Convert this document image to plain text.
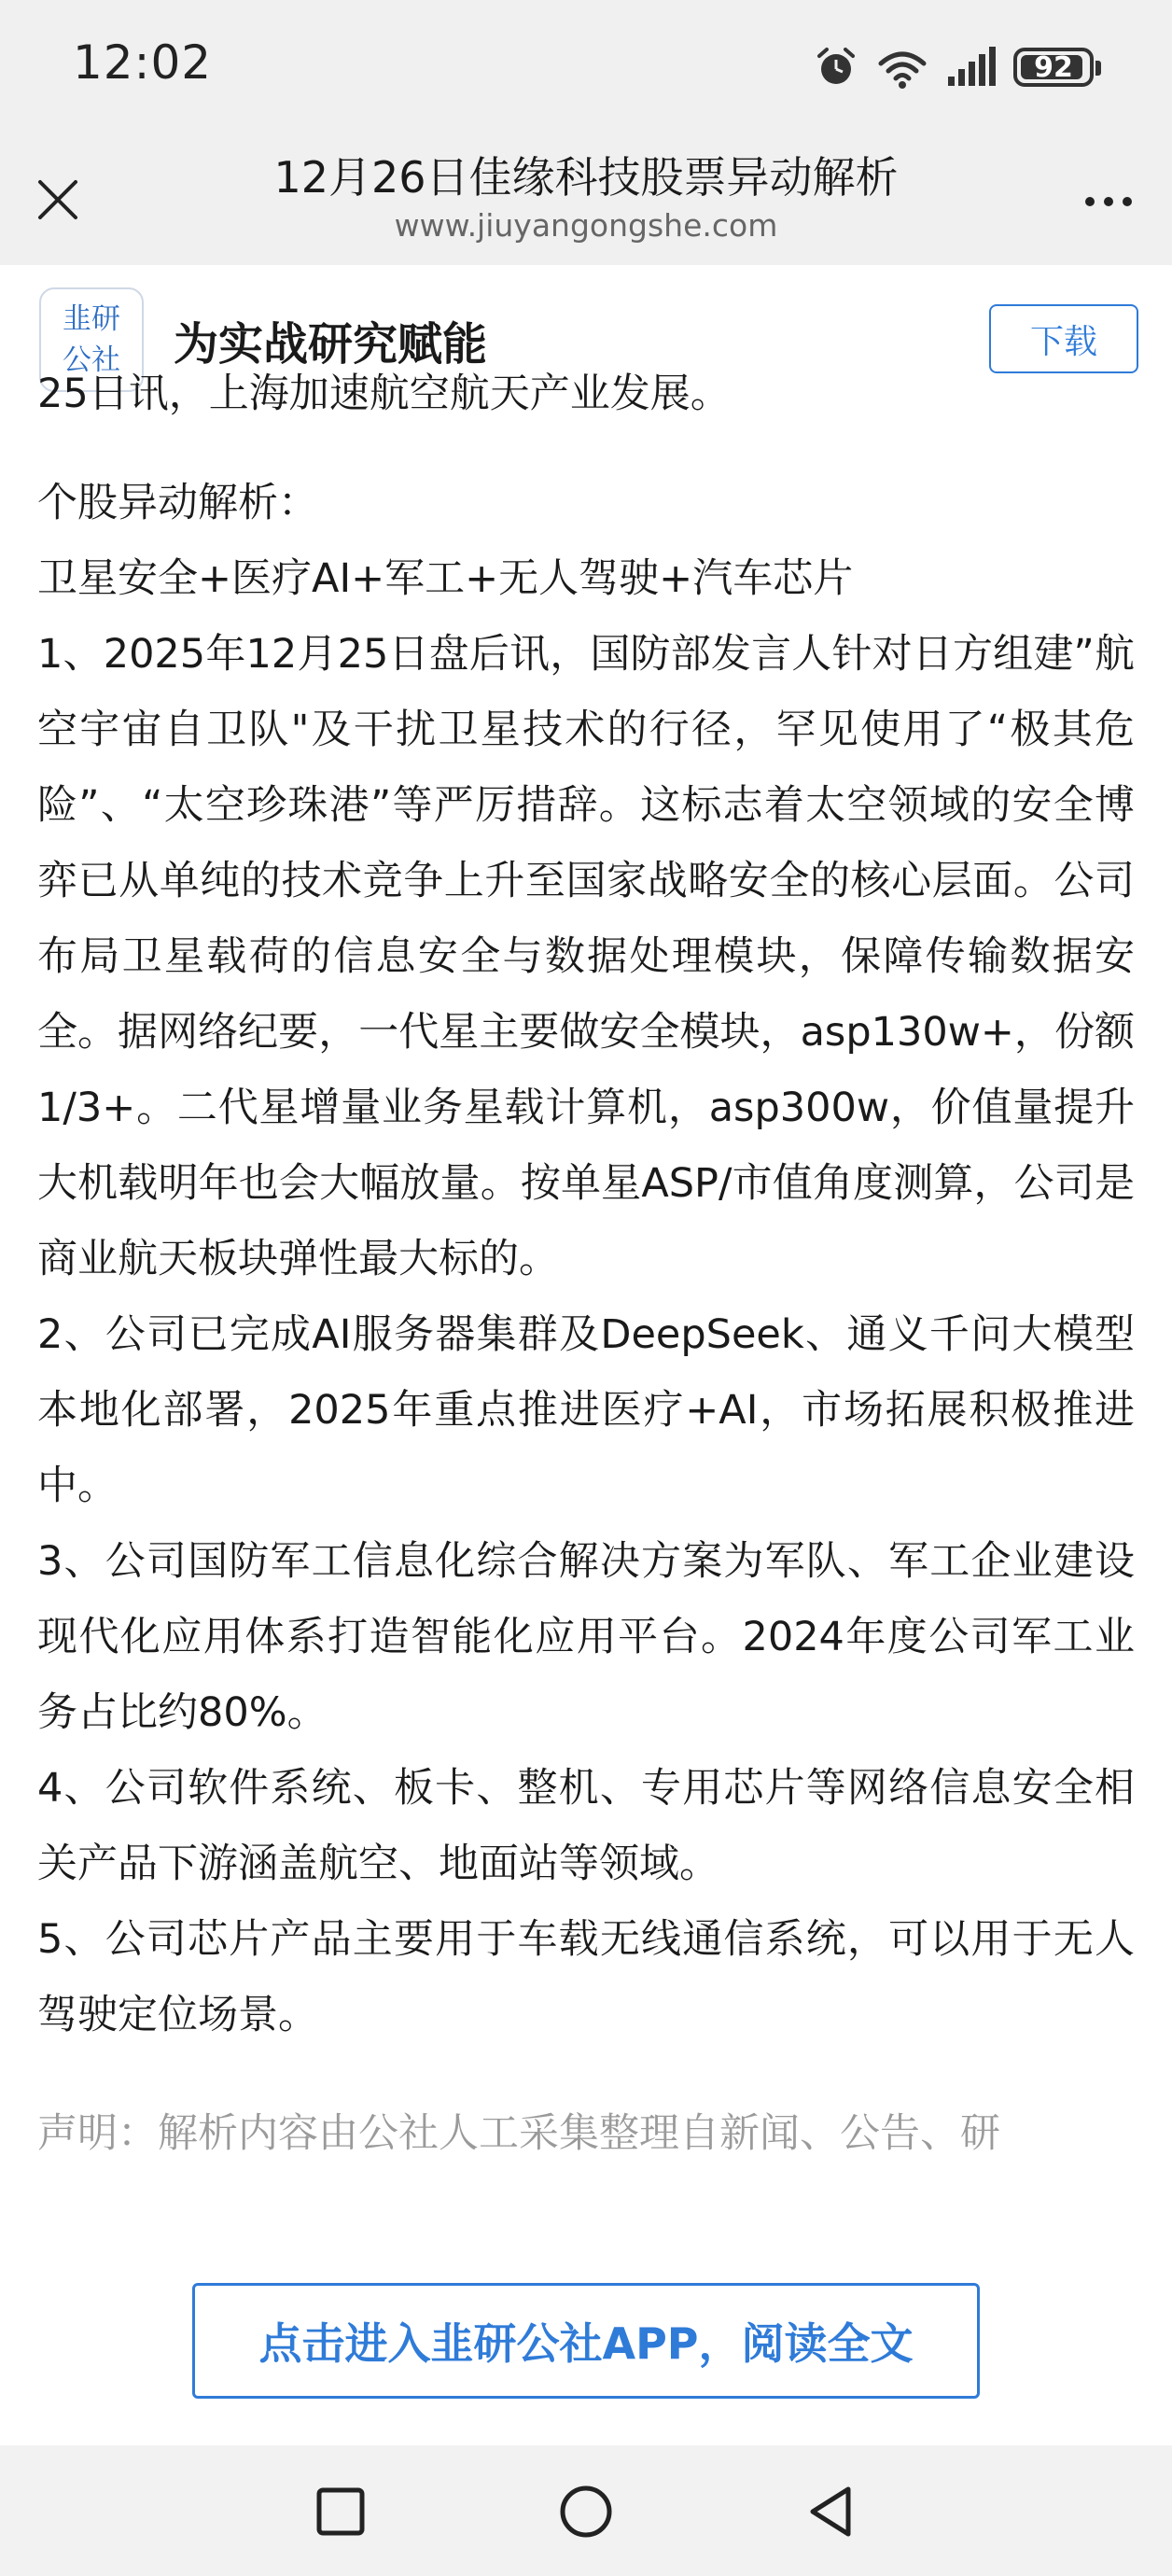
12:02	92
12月26日佳缘科技股票异动解析
www.jiuyangongshe.com
韭研
公社 为实战研究赋能	下载

25日讯，上海加速航空航天产业发展。

个股异动解析：

卫星安全+医疗AI+军工+无人驾驶+汽车芯片

1、2025年12月25日盘后讯，国防部发言人针对日方组建”航空宇宙自卫队"及干扰卫星技术的行径，罕见使用了“极其危险”、“太空珍珠港”等严厉措辞。这标志着太空领域的安全博弈已从单纯的技术竞争上升至国家战略安全的核心层面。公司布局卫星载荷的信息安全与数据处理模块，保障传输数据安全。据网络纪要，一代星主要做安全模块，asp130w+，份额1/3+。二代星增量业务星载计算机，asp300w，价值量提升大机载明年也会大幅放量。按单星ASP/市值角度测算，公司是商业航天板块弹性最大标的。

2、公司已完成AI服务器集群及DeepSeek、通义千问大模型本地化部署，2025年重点推进医疗+AI，市场拓展积极推进中。

3、公司国防军工信息化综合解决方案为军队、军工企业建设现代化应用体系打造智能化应用平台。2024年度公司军工业务占比约80%。

4、公司软件系统、板卡、整机、专用芯片等网络信息安全相关产品下游涵盖航空、地面站等领域。

5、公司芯片产品主要用于车载无线通信系统，可以用于无人驾驶定位场景。

声明：解析内容由公社人工采集整理自新闻、公告、研

点击进入韭研公社APP，阅读全文
